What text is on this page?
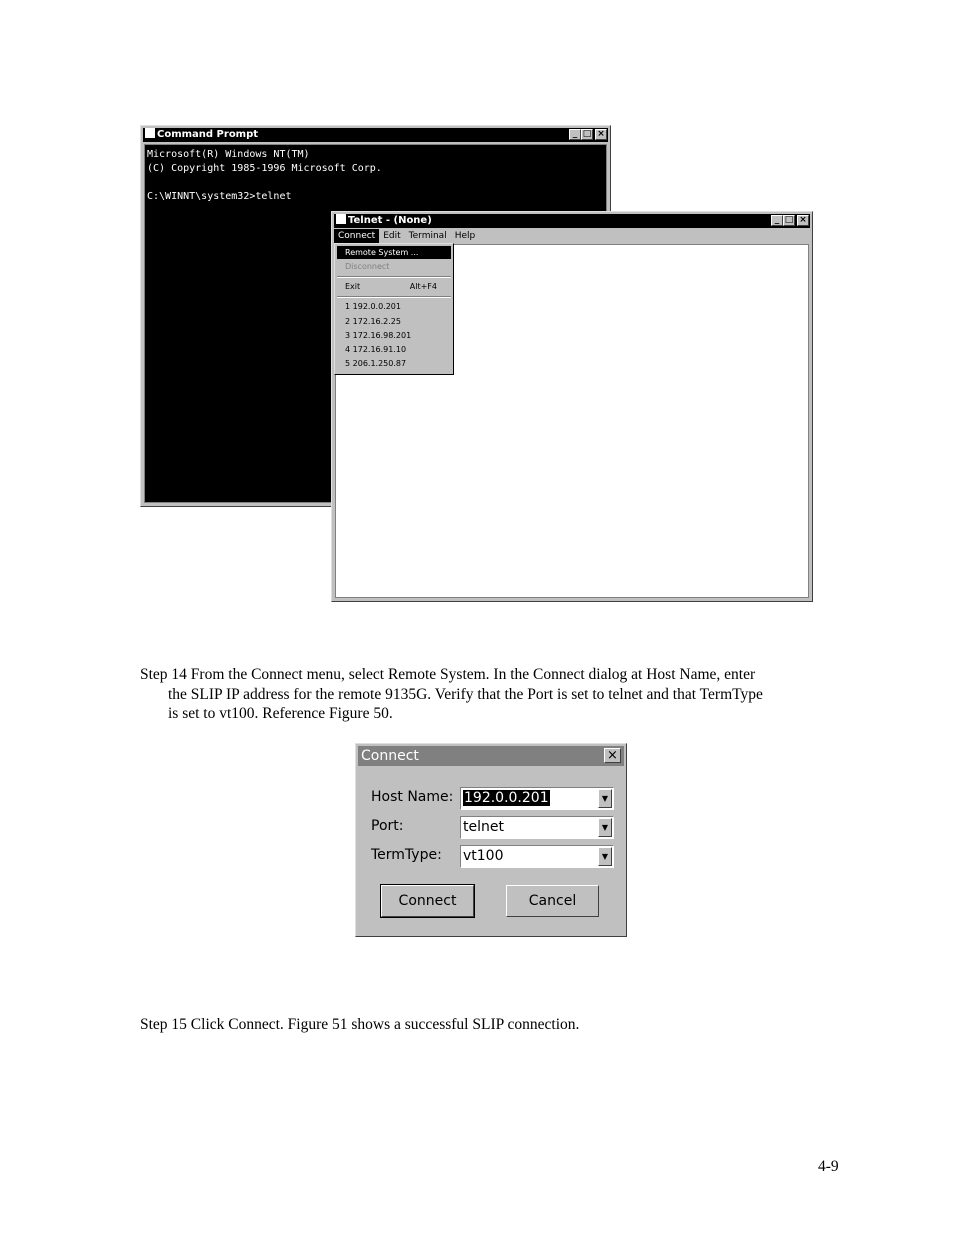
Command Prompt	_ □ ×
Microsoft(R) Windows NT(TM)
(C) Copyright 1985-1996 Microsoft Corp.

C:\WINNT\system32>telnet
Telnet - (None)	_ □ ×
Connect Edit Terminal Help
Remote System ...
Disconnect
Exit	Alt+F4
1 192.0.0.201
2 172.16.2.25
3 172.16.98.201
4 172.16.91.10
5 206.1.250.87
Step 14 From the Connect menu, select Remote System. In the Connect dialog at Host Name, enter
the SLIP IP address for the remote 9135G. Verify that the Port is set to telnet and that TermType
is set to vt100. Reference Figure 50.
Connect	×
Host Name: 192.0.0.201	▼
Port:	telnet	▼
TermType: vt100	▼
Connect	Cancel
Step 15 Click Connect. Figure 51 shows a successful SLIP connection.
4-9
